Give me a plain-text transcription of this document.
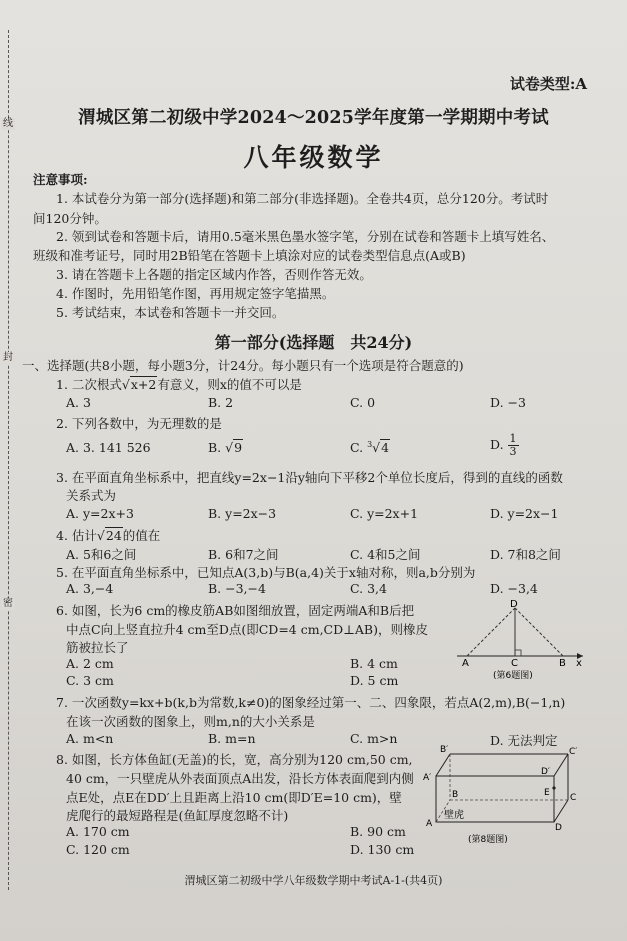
线
封
密
试卷类型:A
渭城区第二初级中学2024～2025学年度第一学期期中考试
八年级数学
注意事项:
1. 本试卷分为第一部分(选择题)和第二部分(非选择题)。全卷共4页，总分120分。考试时
间120分钟。
2. 领到试卷和答题卡后，请用0.5毫米黑色墨水签字笔，分别在试卷和答题卡上填写姓名、
班级和准考证号，同时用2B铅笔在答题卡上填涂对应的试卷类型信息点(A或B)
3. 请在答题卡上各题的指定区域内作答，否则作答无效。
4. 作图时，先用铅笔作图，再用规定签字笔描黑。
5. 考试结束，本试卷和答题卡一并交回。
第一部分(选择题　共24分)
一、选择题(共8小题，每小题3分，计24分。每小题只有一个选项是符合题意的)
1. 二次根式√x+2有意义，则x的值不可以是
A. 3	B. 2	C. 0	D. −3
2. 下列各数中，为无理数的是
A. 3. 141 526	B. √9	C. $^3$√4	D. $\frac{1}{3}$
3. 在平面直角坐标系中，把直线y=2x−1沿y轴向下平移2个单位长度后，得到的直线的函数
关系式为
A. y=2x+3	B. y=2x−3	C. y=2x+1	D. y=2x−1
4. 估计√24的值在
A. 5和6之间	B. 6和7之间	C. 4和5之间	D. 7和8之间
5. 在平面直角坐标系中，已知点A(3,b)与B(a,4)关于x轴对称，则a,b分别为
A. 3,−4	B. −3,−4	C. 3,4	D. −3,4
6. 如图，长为6 cm的橡皮筋AB如图细放置，固定两端A和B后把
中点C向上竖直拉升4 cm至D点(即CD=4 cm,CD⊥AB)，则橡皮
筋被拉长了
A. 2 cm	B. 4 cm
C. 3 cm	D. 5 cm
D
A	C	B x
(第6题图)
7. 一次函数y=kx+b(k,b为常数,k≠0)的图象经过第一、二、四象限，若点A(2,m),B(−1,n)
在该一次函数的图象上，则m,n的大小关系是
A. m<n	B. m=n	C. m>n	D. 无法判定
8. 如图，长方体鱼缸(无盖)的长，宽，高分别为120 cm,50 cm,
40 cm，一只壁虎从外表面顶点A出发，沿长方体表面爬到内侧
点E处，点E在DD′上且距离上沿10 cm(即D′E=10 cm)，壁
虎爬行的最短路程是(鱼缸厚度忽略不计)
A. 170 cm	B. 90 cm
C. 120 cm	D. 130 cm
B′	C′
A′
D′
B	E C
A	D
壁虎
(第8题图)
渭城区第二初级中学八年级数学期中考试A-1-(共4页)
